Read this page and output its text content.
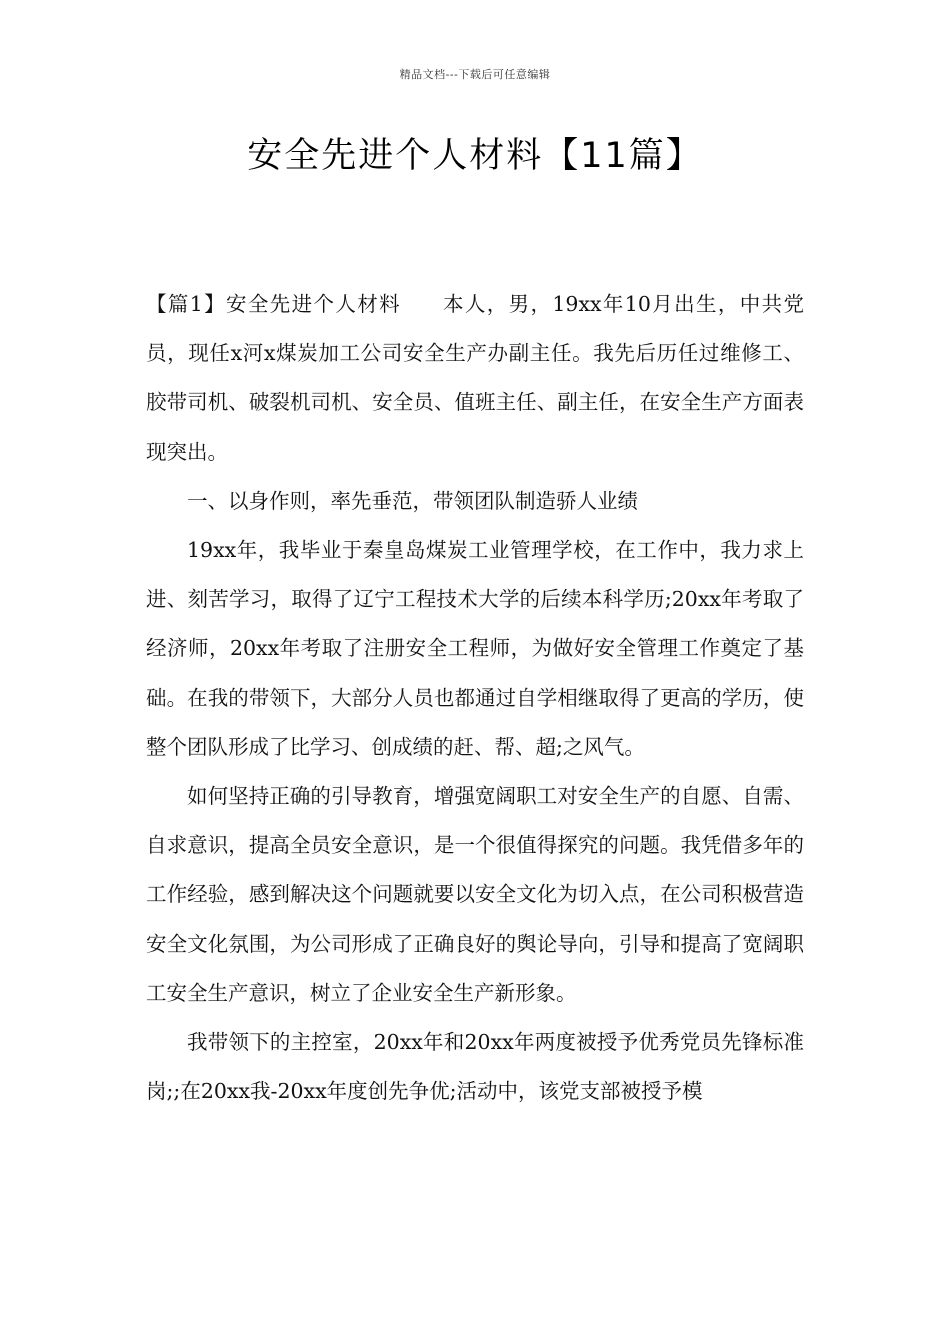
精品文档---下载后可任意编辑
安全先进个人材料【11篇】

【篇1】安全先进个人材料 本人，男，19xx年10月出生，中共党员，现任x河x煤炭加工公司安全生产办副主任。我先后历任过维修工、胶带司机、破裂机司机、安全员、值班主任、副主任，在安全生产方面表现突出。

一、以身作则，率先垂范，带领团队制造骄人业绩

19xx年，我毕业于秦皇岛煤炭工业管理学校，在工作中，我力求上进、刻苦学习，取得了辽宁工程技术大学的后续本科学历;20xx年考取了经济师，20xx年考取了注册安全工程师，为做好安全管理工作奠定了基础。在我的带领下，大部分人员也都通过自学相继取得了更高的学历，使整个团队形成了比学习、创成绩的赶、帮、超;之风气。

如何坚持正确的引导教育，增强宽阔职工对安全生产的自愿、自需、自求意识，提高全员安全意识，是一个很值得探究的问题。我凭借多年的工作经验，感到解决这个问题就要以安全文化为切入点，在公司积极营造安全文化氛围，为公司形成了正确良好的舆论导向，引导和提高了宽阔职工安全生产意识，树立了企业安全生产新形象。

我带领下的主控室，20xx年和20xx年两度被授予优秀党员先锋标准岗;;在20xx我-20xx年度创先争优;活动中，该党支部被授予模
